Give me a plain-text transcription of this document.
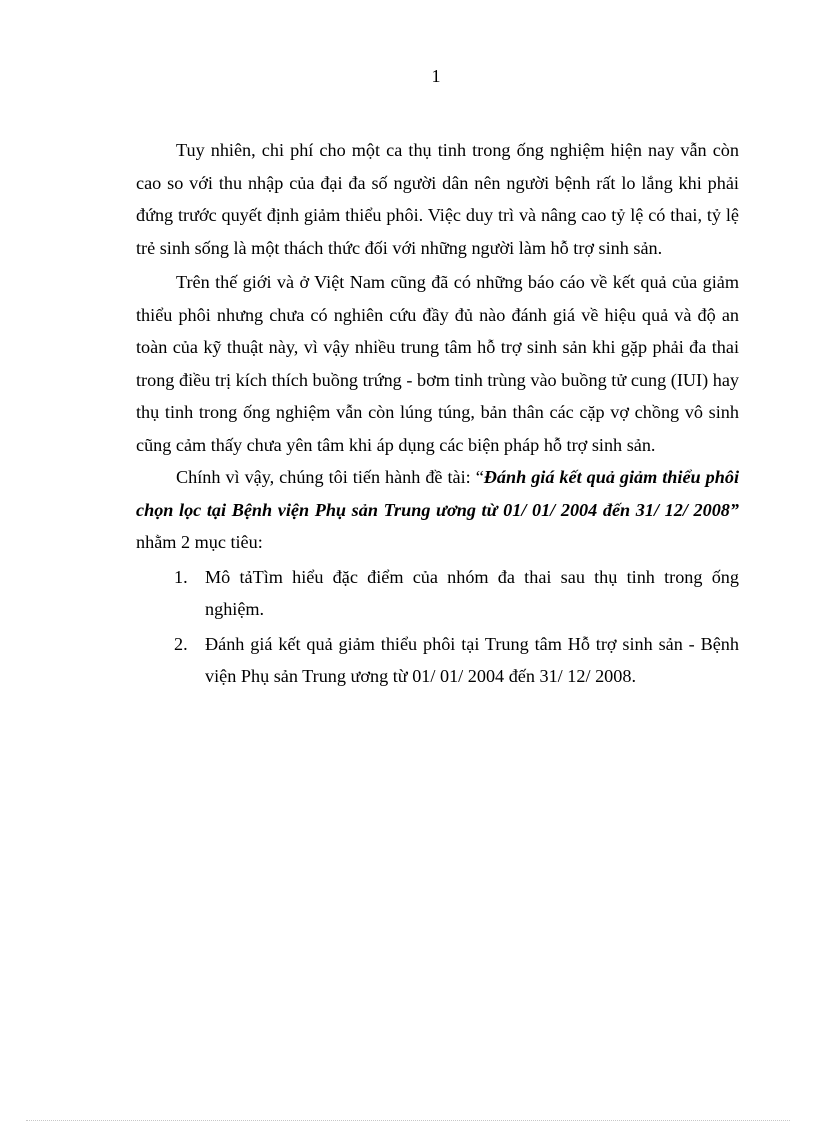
1

Tuy nhiên, chi phí cho một ca thụ tinh trong ống nghiệm hiện nay vẫn còn cao so với thu nhập của đại đa số người dân nên người bệnh rất lo lắng khi phải đứng trước quyết định giảm thiểu phôi. Việc duy trì và nâng cao tỷ lệ có thai, tỷ lệ trẻ sinh sống là một thách thức đối với những người làm hỗ trợ sinh sản.

Trên thế giới và ở Việt Nam cũng đã có những báo cáo về kết quả của giảm thiểu phôi nhưng chưa có nghiên cứu đầy đủ nào đánh giá về hiệu quả và độ an toàn của kỹ thuật này, vì vậy nhiều trung tâm hỗ trợ sinh sản khi gặp phải đa thai trong điều trị kích thích buồng trứng - bơm tinh trùng vào buồng tử cung (IUI) hay thụ tinh trong ống nghiệm vẫn còn lúng túng, bản thân các cặp vợ chồng vô sinh cũng cảm thấy chưa yên tâm khi áp dụng các biện pháp hỗ trợ sinh sản.

Chính vì vậy, chúng tôi tiến hành đề tài: “Đánh giá kết quả giảm thiểu phôi chọn lọc tại Bệnh viện Phụ sản Trung ương từ 01/ 01/ 2004 đến 31/ 12/ 2008” nhằm 2 mục tiêu:

1. Mô tảTìm hiểu đặc điểm của nhóm đa thai sau thụ tinh trong ống nghiệm.
2. Đánh giá kết quả giảm thiểu phôi tại Trung tâm Hỗ trợ sinh sản - Bệnh viện Phụ sản Trung ương từ 01/ 01/ 2004 đến 31/ 12/ 2008.
